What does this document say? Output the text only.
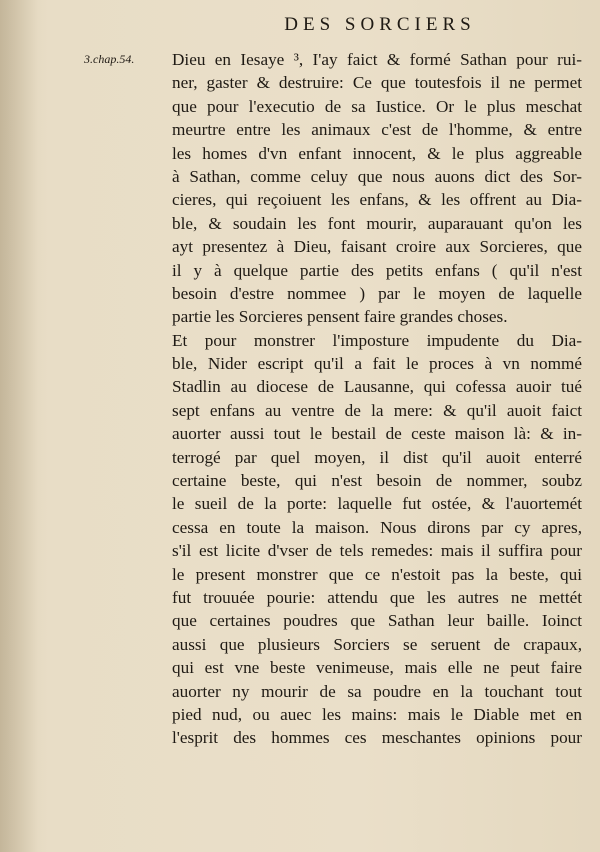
DES SORCIERS
3.chap.54. Dieu en Iesaye ³, I'ay faict & formé Sathan pour rui-
ner, gaster & destruire: Ce que toutesfois il ne permet
que pour l'executio de sa Iustice. Or le plus meschat
meurtre entre les animaux c'est de l'homme, & entre
les homes d'vn enfant innocent, & le plus aggreable
à Sathan, comme celuy que nous auons dict des Sor-
cieres, qui reçoiuent les enfans, & les offrent au Dia-
ble, & soudain les font mourir, auparauant qu'on les
ayt presentez à Dieu, faisant croire aux Sorcieres, que
il y à quelque partie des petits enfans ( qu'il n'est
besoin d'estre nommee ) par le moyen de laquelle
partie les Sorcieres pensent faire grandes choses.
Et pour monstrer l'imposture impudente du Dia-
ble, Nider escript qu'il a fait le proces à vn nommé
Stadlin au diocese de Lausanne, qui cofessa auoir tué
sept enfans au ventre de la mere: & qu'il auoit faict
auorter aussi tout le bestail de ceste maison là: & in-
terrogé par quel moyen, il dist qu'il auoit enterré
certaine beste, qui n'est besoin de nommer, soubz
le sueil de la porte: laquelle fut ostée, & l'auortemét
cessa en toute la maison. Nous dirons par cy apres,
s'il est licite d'vser de tels remedes: mais il suffira pour
le present monstrer que ce n'estoit pas la beste, qui
fut trouuée pourie: attendu que les autres ne mettét
que certaines poudres que Sathan leur baille. Ioinct
aussi que plusieurs Sorciers se seruent de crapaux,
qui est vne beste venimeuse, mais elle ne peut faire
auorter ny mourir de sa poudre en la touchant tout
pied nud, ou auec les mains: mais le Diable met en
l'esprit des hommes ces meschantes opinions pour
